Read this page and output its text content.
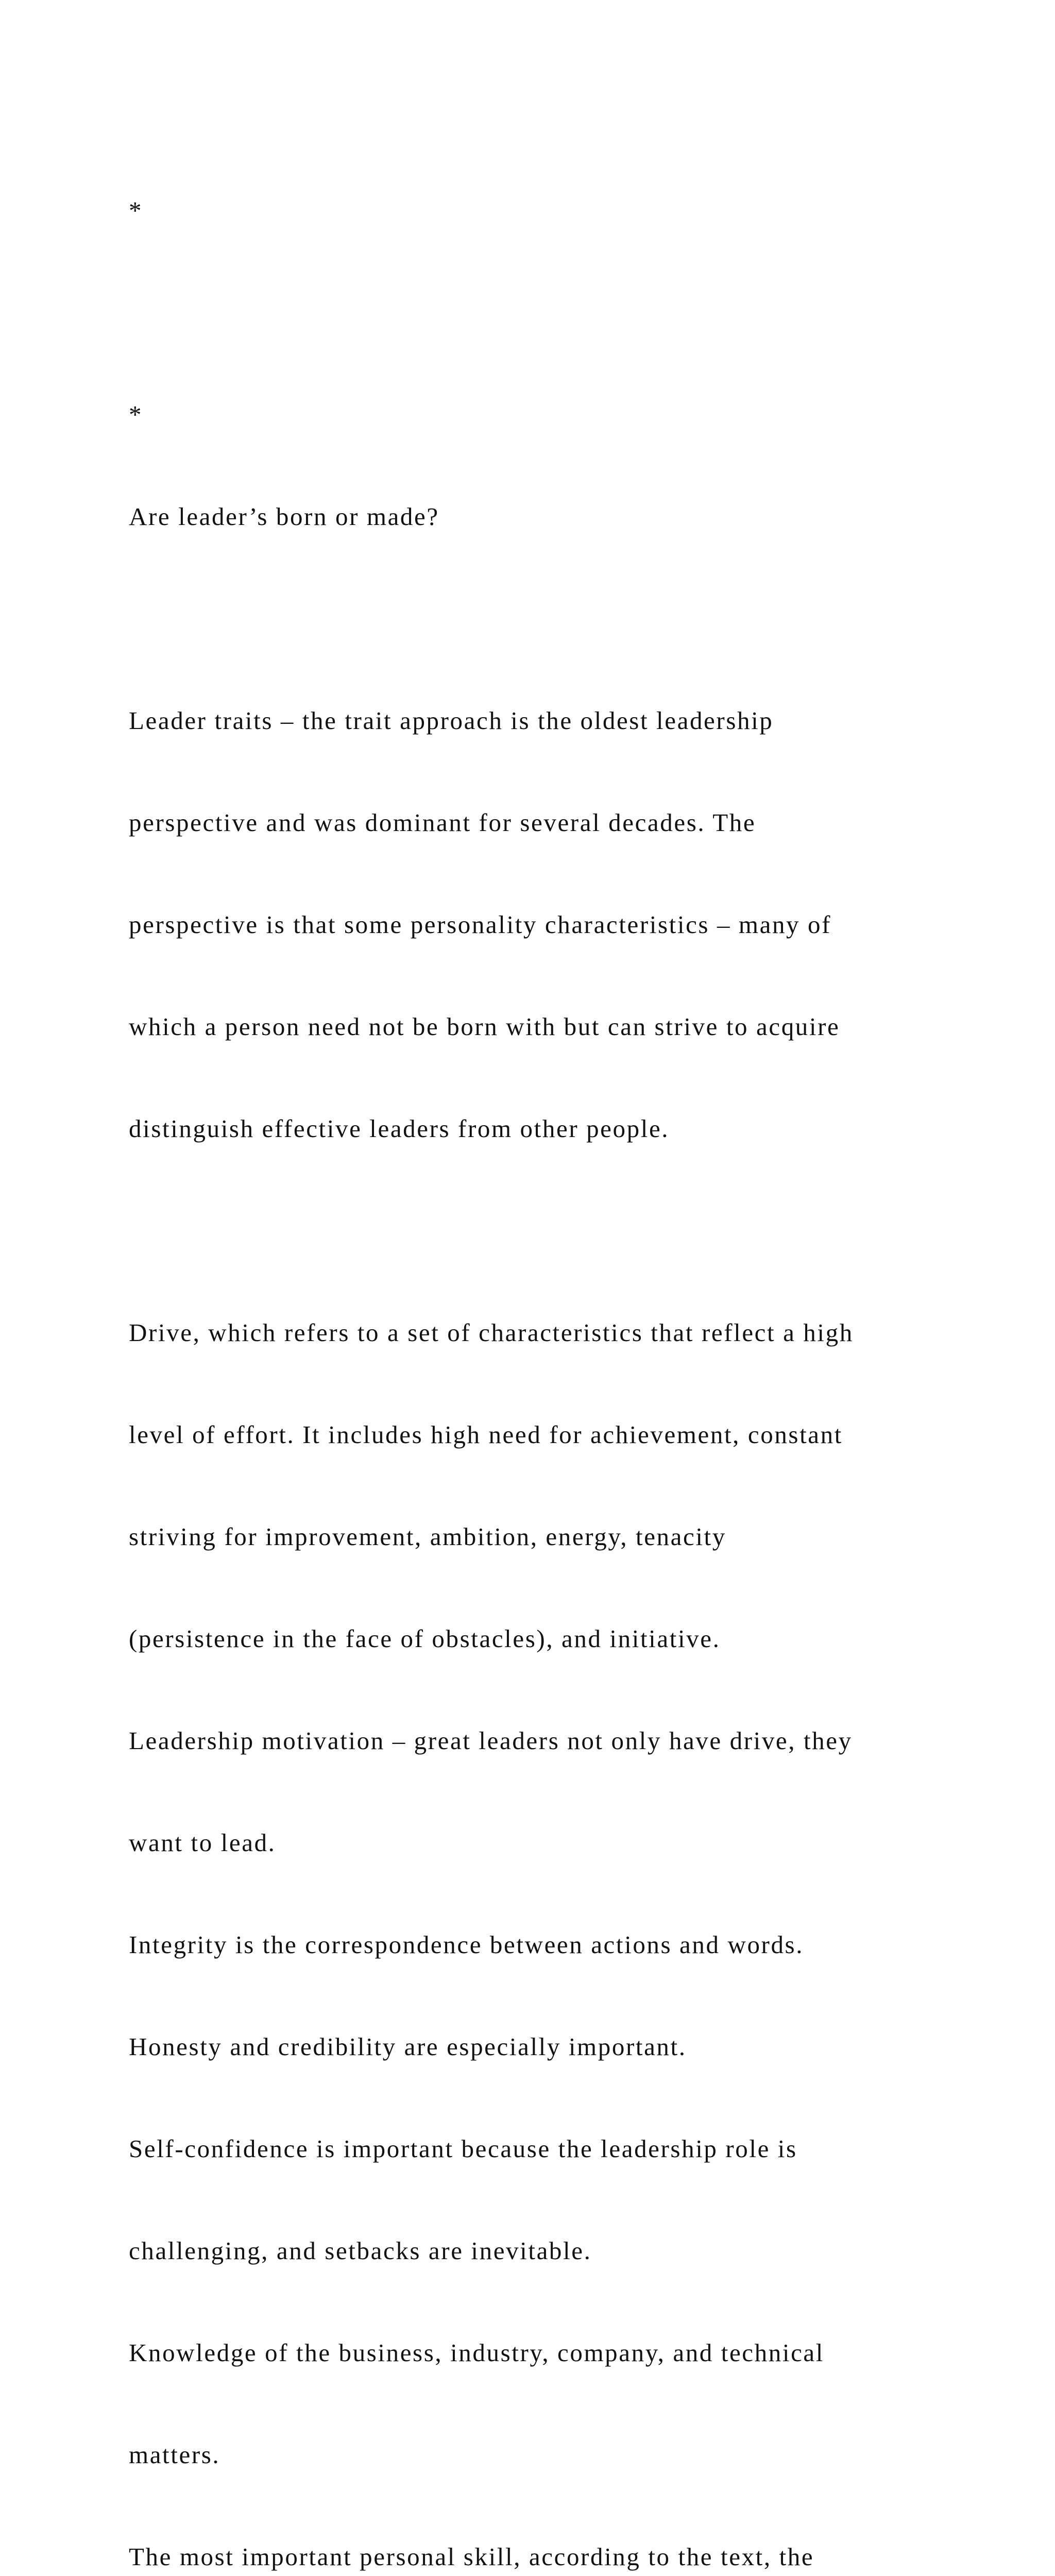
*

*

Are leader’s born or made?

Leader traits – the trait approach is the oldest leadership

perspective and was dominant for several decades. The

perspective is that some personality characteristics – many of

which a person need not be born with but can strive to acquire

distinguish effective leaders from other people.

Drive, which refers to a set of characteristics that reflect a high

level of effort. It includes high need for achievement, constant

striving for improvement, ambition, energy, tenacity

(persistence in the face of obstacles), and initiative.

Leadership motivation – great leaders not only have drive, they

want to lead.

Integrity is the correspondence between actions and words.

Honesty and credibility are especially important.

Self-confidence is important because the leadership role is

challenging, and setbacks are inevitable.

Knowledge of the business, industry, company, and technical

matters.

The most important personal skill, according to the text, the
